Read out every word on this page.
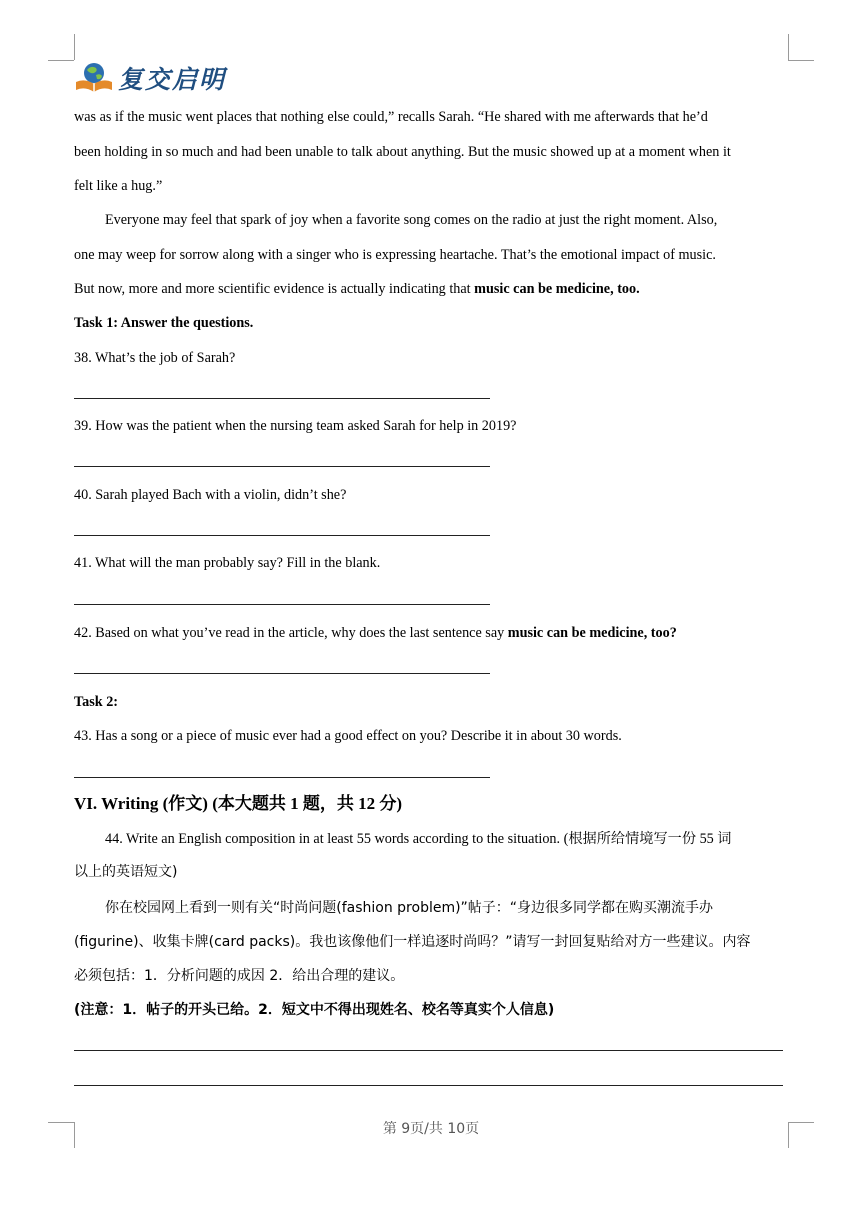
复交启明
was as if the music went places that nothing else could,” recalls Sarah. “He shared with me afterwards that he’d
been holding in so much and had been unable to talk about anything. But the music showed up at a moment when it
felt like a hug.”
Everyone may feel that spark of joy when a favorite song comes on the radio at just the right moment. Also,
one may weep for sorrow along with a singer who is expressing heartache. That’s the emotional impact of music.
But now, more and more scientific evidence is actually indicating that music can be medicine, too.
Task 1: Answer the questions.
38. What’s the job of Sarah?
39. How was the patient when the nursing team asked Sarah for help in 2019?
40. Sarah played Bach with a violin, didn’t she?
41. What will the man probably say? Fill in the blank.
42. Based on what you’ve read in the article, why does the last sentence say music can be medicine, too?
Task 2:
43. Has a song or a piece of music ever had a good effect on you? Describe it in about 30 words.
VI. Writing (作文) (本大题共 1 题，共 12 分)
44. Write an English composition in at least 55 words according to the situation. (根据所给情境写一份 55 词
以上的英语短文)
你在校园网上看到一则有关“时尚问题(fashion problem)”帖子：“身边很多同学都在购买潮流手办
(figurine)、收集卡牌(card packs)。我也该像他们一样追逐时尚吗？”请写一封回复贴给对方一些建议。内容
必须包括：1．分析问题的成因 2．给出合理的建议。
(注意：1．帖子的开头已给。2．短文中不得出现姓名、校名等真实个人信息)
第 9页/共 10页
